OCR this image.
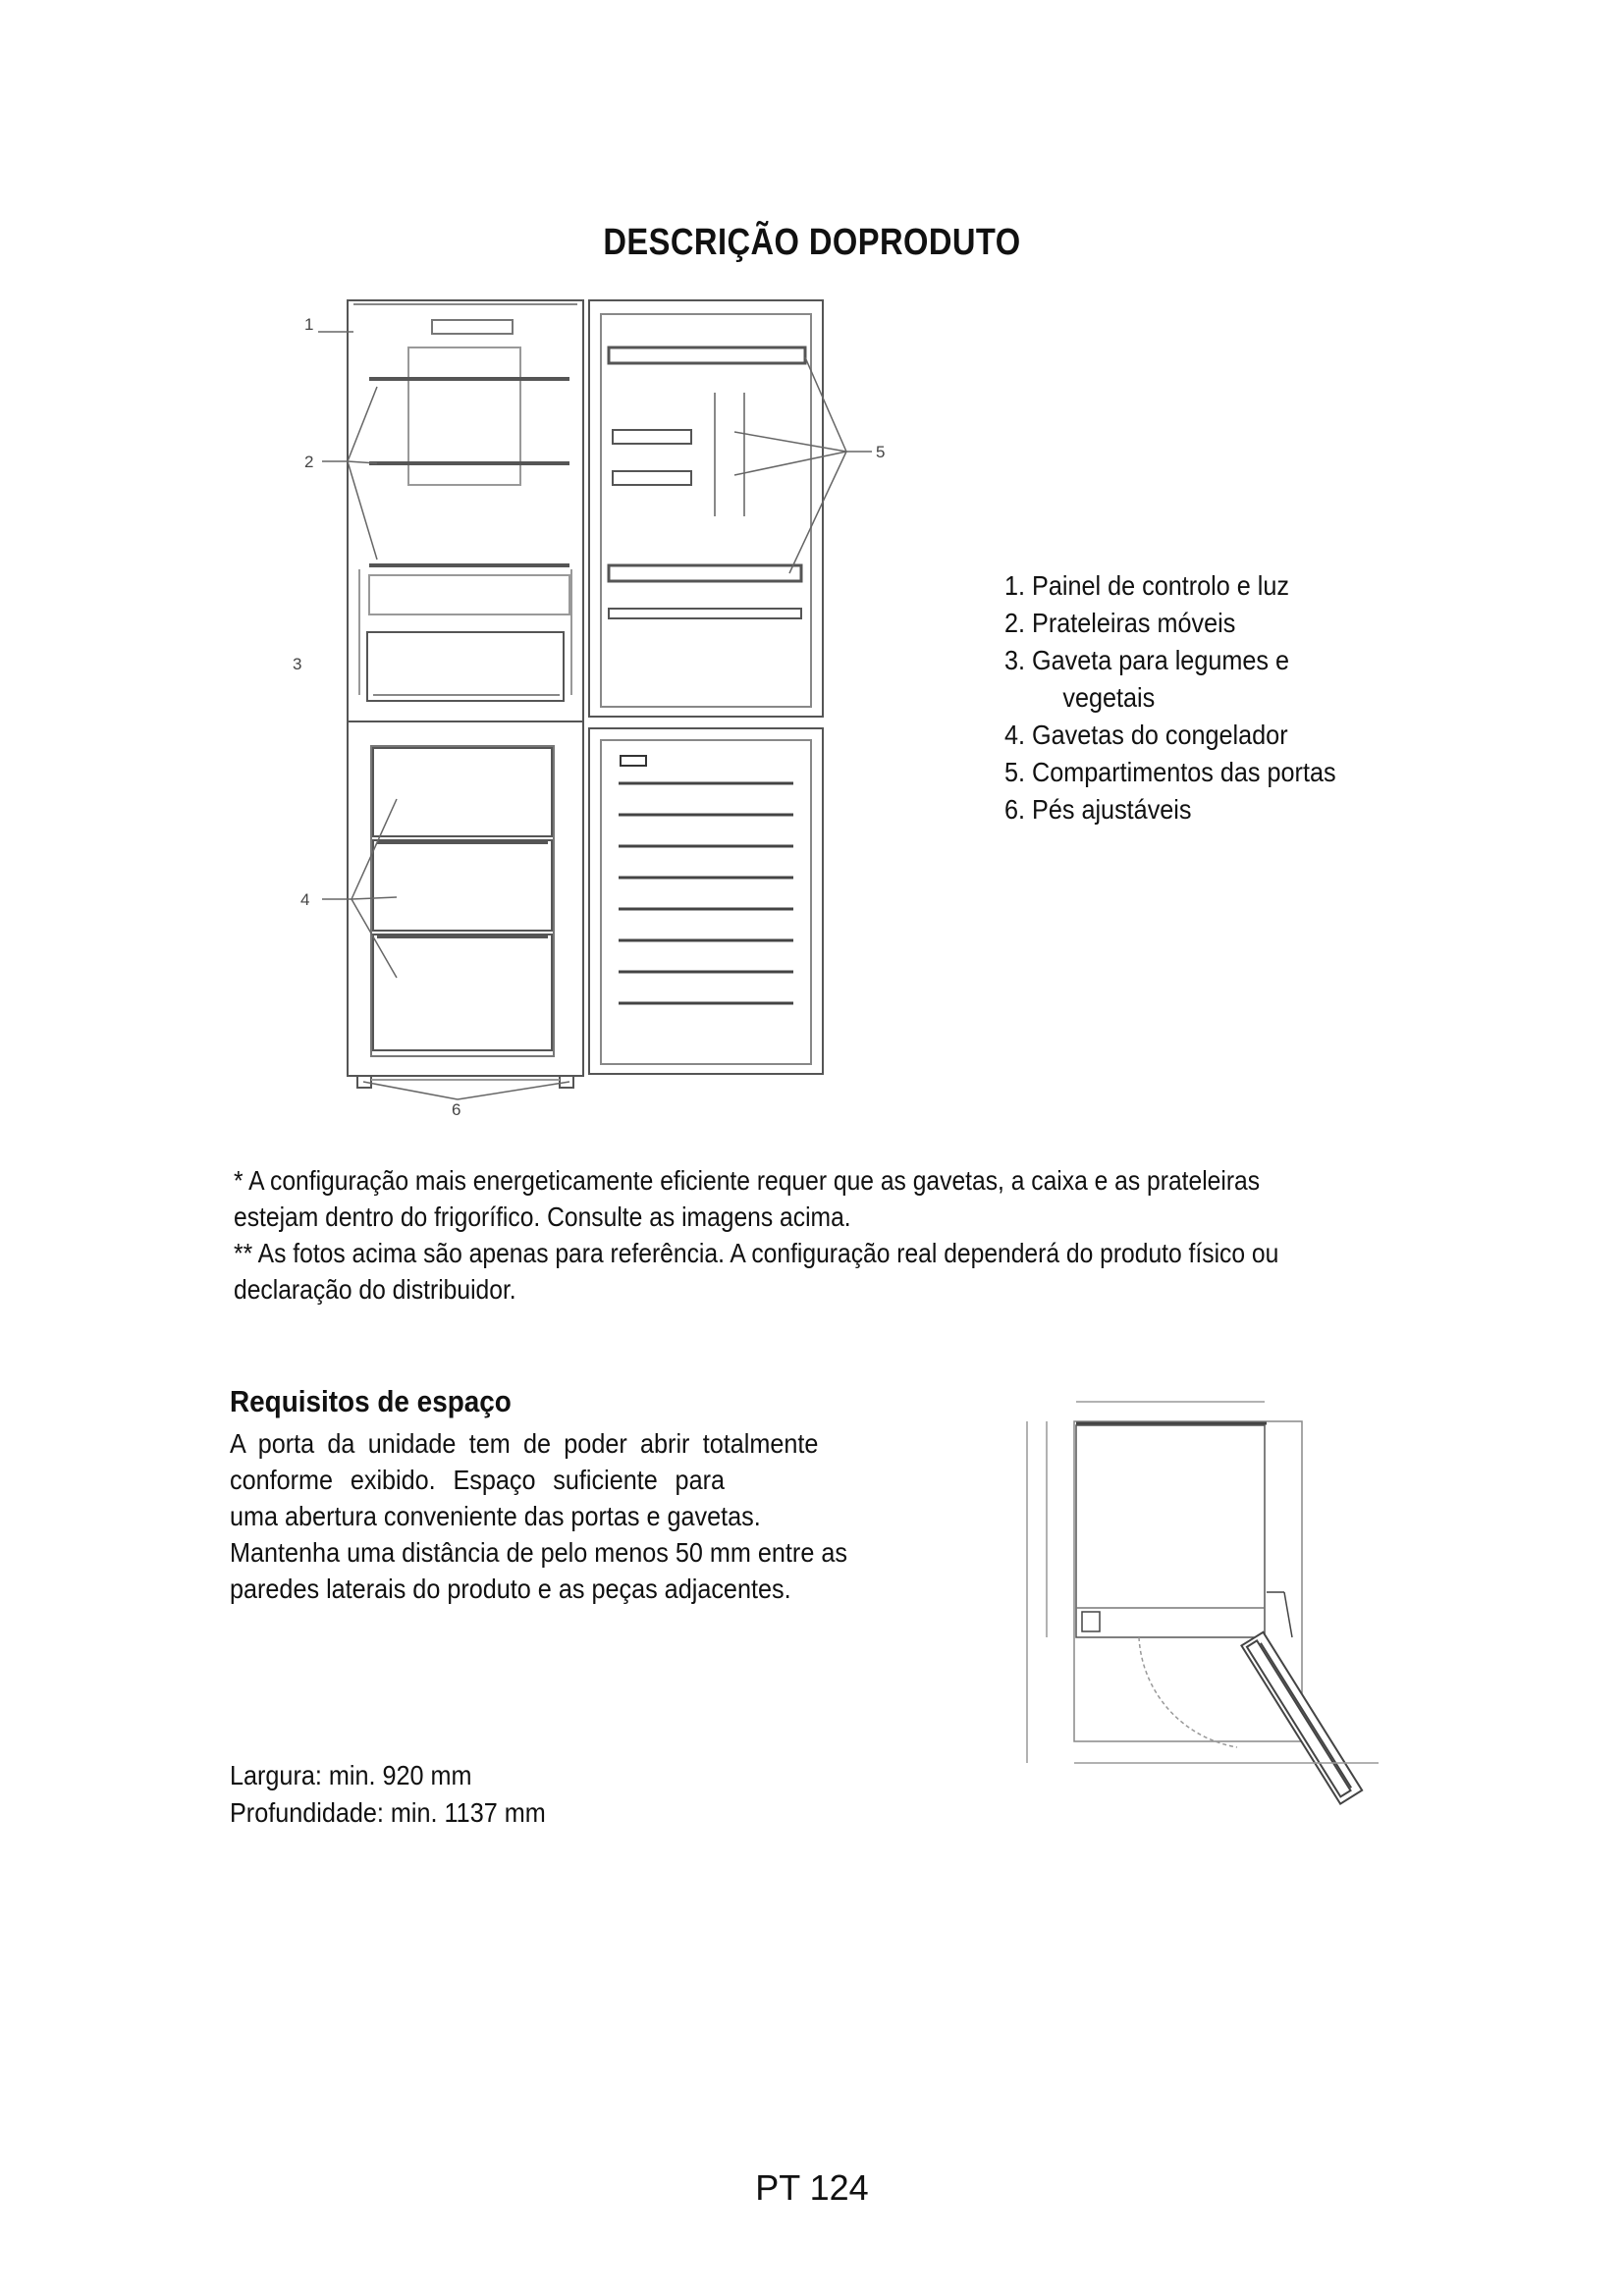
DESCRIÇÃO DOPRODUTO
1
2
3
4
5
6
1. Painel de controlo e luz
2. Prateleiras móveis
3. Gaveta para legumes e
vegetais
4. Gavetas do congelador
5. Compartimentos das portas
6. Pés ajustáveis

* A configuração mais energeticamente eficiente requer que as gavetas, a caixa e as prateleiras estejam dentro do frigorífico. Consulte as imagens acima.

** As fotos acima são apenas para referência. A configuração real dependerá do produto físico ou declaração do distribuidor.

Requisitos de espaço

A porta da unidade tem de poder abrir totalmente

conforme exibido. Espaço suficiente para

uma abertura conveniente das portas e gavetas.

Mantenha uma distância de pelo menos 50 mm entre as

paredes laterais do produto e as peças adjacentes.

Largura: min. 920 mm

Profundidade: min. 1137 mm

PT 124
